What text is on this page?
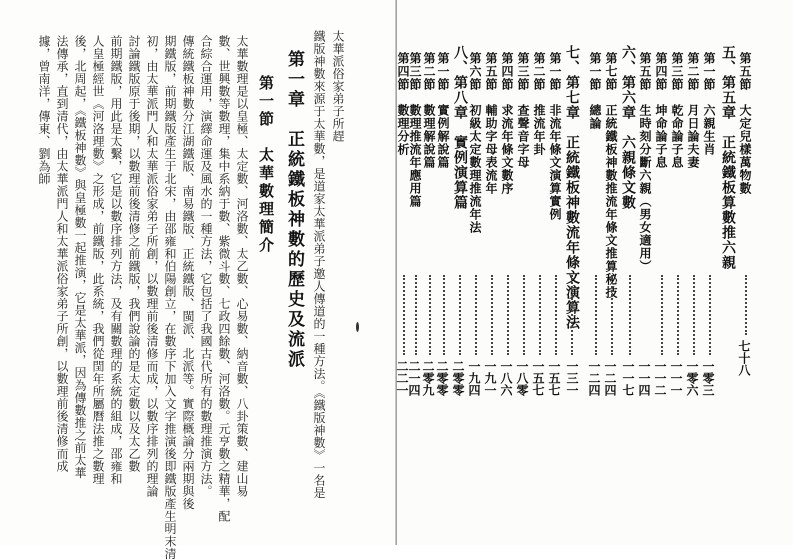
太華派俗家弟子所趕
鐵版神數來源于太華數，是道家太華派弟子邀人傳道的一種方法。《鐵版神數》一名是
第一章　正統鐵板神數的歷史及流派
第一節　太華數理簡介
太華數理是以皇極、太定數、河洛數、太乙數、心易數、納音數、八卦策數、建山易
數、世興數等數理，集中系納于數、紫微斗數、七政四餘數、河洛數。元亨數之精華，配
合綜合運用，演繹命運及風水的一種方法，它包括了我國古代所有的數理推演方法。
傳統鐵板神數分江湖鐵版、南易鐵版、正統鐵版、閩派、北派等。實際概論分兩期與後
期鐵版，前期鐵版產生于北宋，由邵雍和伯陽創立，在數序下加入文字推演後即鐵版產生明末清
初，由太華派門人和太華派俗家弟子所創，以數理前後清修而成，以數序排列的理論
討論鐵版原于後期，以數理前後清修之前鐵版，我們說論的是太定數以及太乙數
前期鐵版，用此是太繫，它是以數序排列方法，及有關數理的系統的組成，邵雍和
人皇極經世《河洛理數》之形成，前鐵版，此系統，我們從閏年所屬曆法推之數理
後，北周起，《鐵板神數》與皇極數一起推演，它是太華派，因為傳數推之前太華
法傳承，直到清代，由太華派門人和太華派俗家弟子所創，以數理前後清修而成
據，曾南洋，傳東、劉為師	第五節　大定兒樣萬物數
五、第五章　正統鐵板算數推六親
第一節　六親生肖
第二節　月日論夫妻
第三節　乾命論子息
第四節　坤命論子息
第五節　生時刻分斷六親（男女適用）
六、第六章　六親條文數
第七節　正統鐵板神數推流年條文推算秘技
第一節　總論
七、第七章　正統鐵板神數流年條文演算法
第一節　非流年條文演算實例
第二節　推流年卦
第三節　查聲音字母
第四節　求流年條文數序
第五節　輔助字母表流年
第六節　初級太定數理推流年法
八、第八章　實例演算篇
第一節　實例解說篇
第二節　數理解說篇
第三節　數理推流年應用篇
第四節　數理分析
七十八
一零三
一零六
一一一
一一二
一一四
一一七
一二四
一二四
一三一
一五七
一五七
一八零
一八六
一九一
一九四
二零零
二零零
二零九
二一四
二二一
